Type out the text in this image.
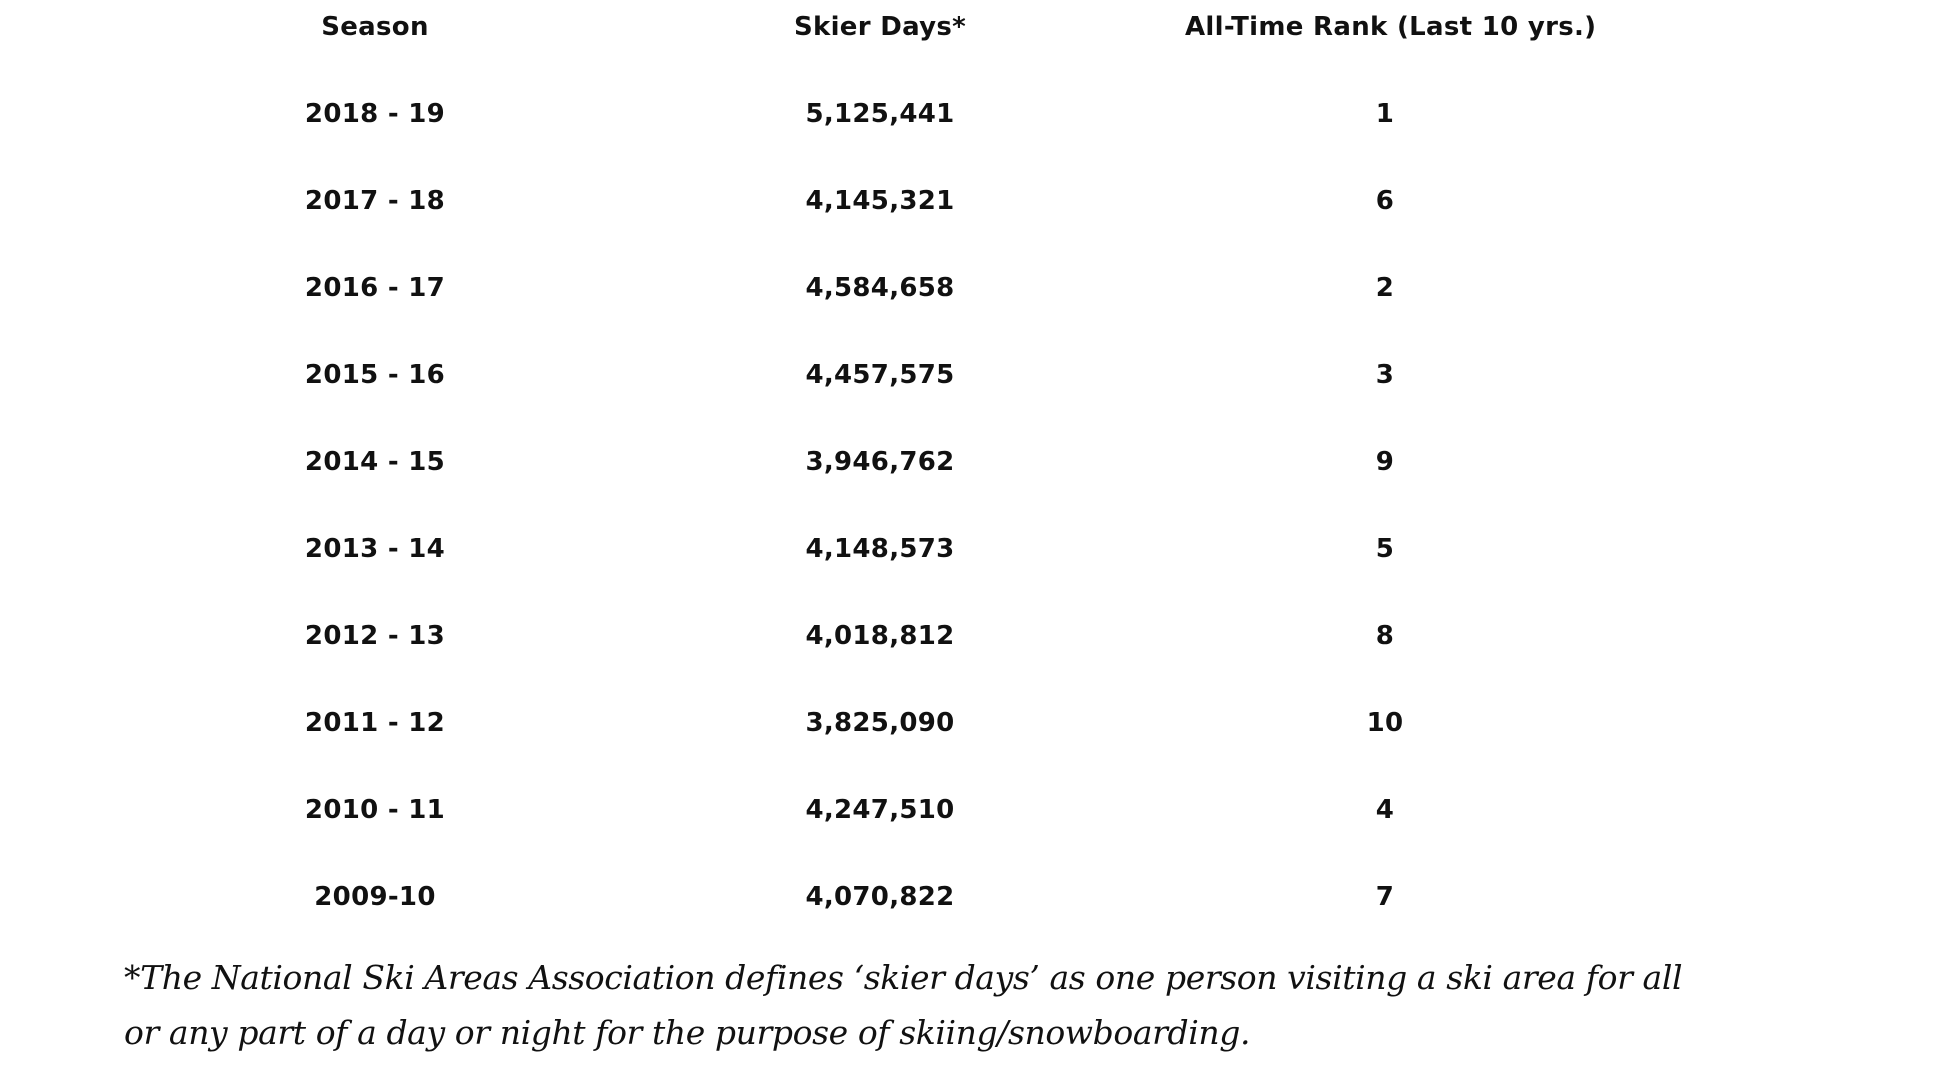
Season	Skier Days*	All-Time Rank (Last 10 yrs.)
2018 - 19	5,125,441	1
2017 - 18	4,145,321	6
2016 - 17	4,584,658	2
2015 - 16	4,457,575	3
2014 - 15	3,946,762	9
2013 - 14	4,148,573	5
2012 - 13	4,018,812	8
2011 - 12	3,825,090	10
2010 - 11	4,247,510	4
2009-10	4,070,822	7
*The National Ski Areas Association defines ‘skier days’ as one person visiting a ski area for all
or any part of a day or night for the purpose of skiing/snowboarding.
